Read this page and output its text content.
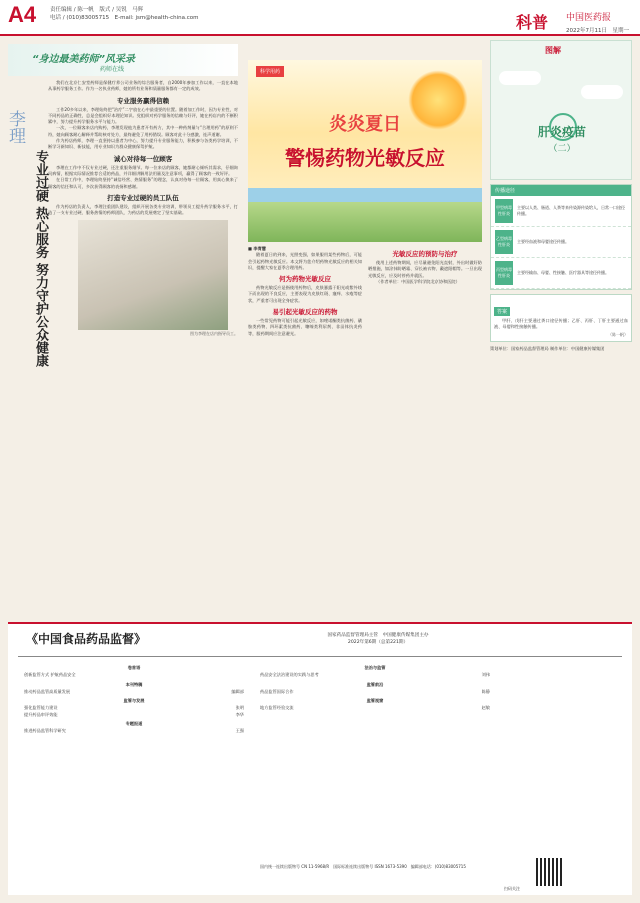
A4	责任编辑 / 陈一帆　版式 / 吴锐　马辉
电话 / (010)83005715　E-mail: jsm@health-china.com	科普 中国医药报
2022年7月11日　星期一
“身边最美药师”风采录
药师在线
李理
专业过硬 热心服务 努力守护公众健康

我们在北京仁安堂药师是保健疗养公司业务的综合服务者，自2000年参加工作以来，一直在本地从事药学服务工作。作为一名执业药师，她的所有业务和质量服务都有一定的成效。

专业服务赢得信赖

工作20多年以来，李理始终把“治疗”二字放在心中最重要的位置。随着加工作时，因为专业性，对不同药品的正确性，总是会组织好本理论知识。党组织对药学服务的信赖与好评，她在药店内的不断积累中，努力提升药学服务水平与能力。

一次，一位顾客来店内购药，李理发现他为患者开有药方，其中一种药剂量与“合理用药”的原则不符，她向顾客耐心解释并帮助核对处方，最终避免了用药错误。顾客对此十分感激，连声道谢。

作为药店药师，李理一直坚持以患者为中心，努力提升专业服务能力，积极参与各类药学培训，不断学习新知识、新技能，用专业知识为群众健康保驾护航。

诚心对待每一位顾客

李理在工作中不仅专业过硬，还注重服务细节。每一位来店的顾客，她都耐心倾听其需求，仔细询问病情，根据实际情况推荐合适的药品，并详细讲解用法用量及注意事项，赢得了顾客的一致好评。

在日常工作中，李理始终坚持“诚信经营、热情服务”的理念，认真对待每一位顾客，用真心换来了顾客的信任和认可，多次获得顾客的表扬和感谢。

打造专业过硬的员工队伍

作为药店的负责人，李理注重团队建设，组织开展各类专业培训，带领员工提升药学服务水平，打造了一支专业过硬、服务热情的药师团队，为药店的发展奠定了坚实基础。

图为李理在店内指导员工。
科学用药
炎炎夏日
警惕药物光敏反应
■ 李青慧

随着夏日的到来，光照变强，如果服用某些药物后，可能会引起药物光敏反应。本文将为您介绍药物光敏反应的相关知识，提醒大家在夏季合理用药。

何为药物光敏反应

药物光敏反应是指使用药物后，皮肤暴露于阳光或紫外线下而出现的不良反应，主要表现为皮肤红斑、瘙痒、水疱等症状，严重者可出现全身症状。

易引起光敏反应的药物

一些常见药物可能引起光敏反应，如喹诺酮类抗菌药、磺胺类药物、四环素类抗菌药、噻嗪类利尿剂、非甾体抗炎药等，服药期间应注意避光。

光敏反应的预防与治疗

使用上述药物期间，应尽量避免阳光直射，外出时做好防晒措施，如涂抹防晒霜、穿长袖衣物、戴遮阳帽等。一旦出现光敏反应，应及时停药并就医。

（作者单位：中国医学科学院北京协和医院）

图解
肝炎疫苗
（二）
传播途径
甲型病毒性肝炎
主要以人类、肠道、人粪等来传染源传染给人，日常一口途径传播。
乙型病毒性肝炎
主要经血液和母婴途径传播。
丙型病毒性肝炎
主要经输血、母婴、性接触、医疗器具等途径传播。
答案
甲肝、戊肝主要通过粪口途径传播；乙肝、丙肝、丁肝主要通过血液、母婴和性接触传播。
（陈一帆）
策划单位：国家药品监督管理局 制作单位：中国健康传媒集团
《中国食品药品监督》	国家药品监督管理局主管　中国健康传媒集团主办
2022年第6期（总第221期）
卷首语
创新监管方式 护航药品安全
本刊特稿
推动药品监管高质量发展	编辑部
监管与发展
强化监管能力建设	张明
提升药品审评效能	李华
专题报道
推进药品监管科学研究	王强
法治与监管
药品安全法治建设的实践与思考	刘伟
监管前沿
药品监管国际合作	陈静
监管视窗
地方监管经验交流	赵敏
国内统一连续出版物号 CN 11-5968/R　国际标准连续出版物号 ISSN 1673-5390　编辑部电话：(010)83005715
扫码关注
